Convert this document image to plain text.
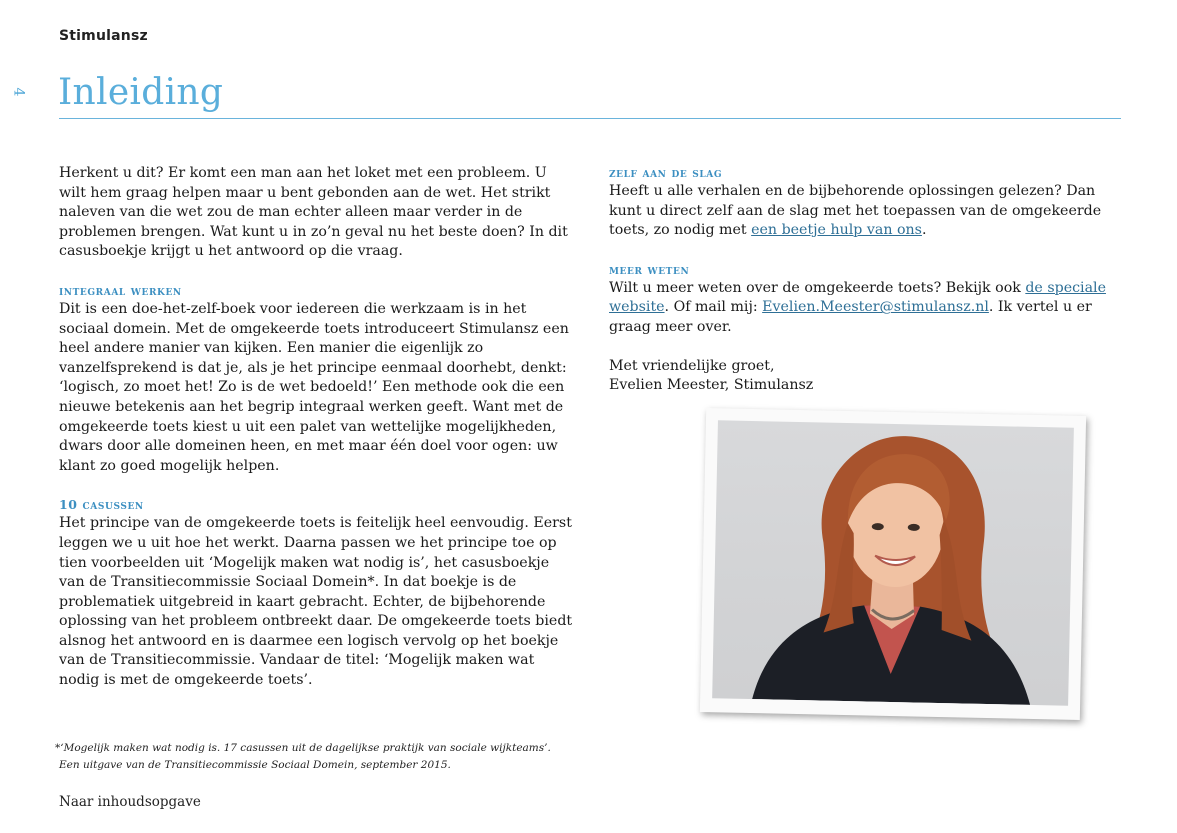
Stimulansz
4 Inleiding

Herkent u dit? Er komt een man aan het loket met een probleem. U wilt hem graag helpen maar u bent gebonden aan de wet. Het strikt naleven van die wet zou de man echter alleen maar verder in de problemen brengen. Wat kunt u in zo’n geval nu het beste doen? In dit casusboekje krijgt u het antwoord op die vraag.

integraal werken

Dit is een doe-het-zelf-boek voor iedereen die werkzaam is in het sociaal domein. Met de omgekeerde toets introduceert Stimulansz een heel andere manier van kijken. Een manier die eigenlijk zo vanzelfsprekend is dat je, als je het principe eenmaal doorhebt, denkt: ‘logisch, zo moet het! Zo is de wet bedoeld!’ Een methode ook die een nieuwe betekenis aan het begrip integraal werken geeft. Want met de omgekeerde toets kiest u uit een palet van wettelijke mogelijkheden, dwars door alle domeinen heen, en met maar één doel voor ogen: uw klant zo goed mogelijk helpen.

10 casussen

Het principe van de omgekeerde toets is feitelijk heel eenvoudig. Eerst leggen we u uit hoe het werkt. Daarna passen we het principe toe op tien voorbeelden uit ‘Mogelijk maken wat nodig is’, het casusboekje van de Transitiecommissie Sociaal Domein*. In dat boekje is de problematiek uitgebreid in kaart gebracht. Echter, de bijbehorende oplossing van het probleem ontbreekt daar. De omgekeerde toets biedt alsnog het antwoord en is daarmee een logisch vervolg op het boekje van de Transitiecommissie. Vandaar de titel: ‘Mogelijk maken wat nodig is met de omgekeerde toets’.

zelf aan de slag

Heeft u alle verhalen en de bijbehorende oplossingen gelezen? Dan kunt u direct zelf aan de slag met het toepassen van de omgekeerde toets, zo nodig met een beetje hulp van ons.

meer weten

Wilt u meer weten over de omgekeerde toets? Bekijk ook de speciale website. Of mail mij: Evelien.Meester@stimulansz.nl. Ik vertel u er graag meer over.

Met vriendelijke groet,

Evelien Meester, Stimulansz

*‘Mogelijk maken wat nodig is. 17 casussen uit de dagelijkse praktijk van sociale wijkteams’.
Een uitgave van de Transitiecommissie Sociaal Domein, september 2015.
Naar inhoudsopgave
